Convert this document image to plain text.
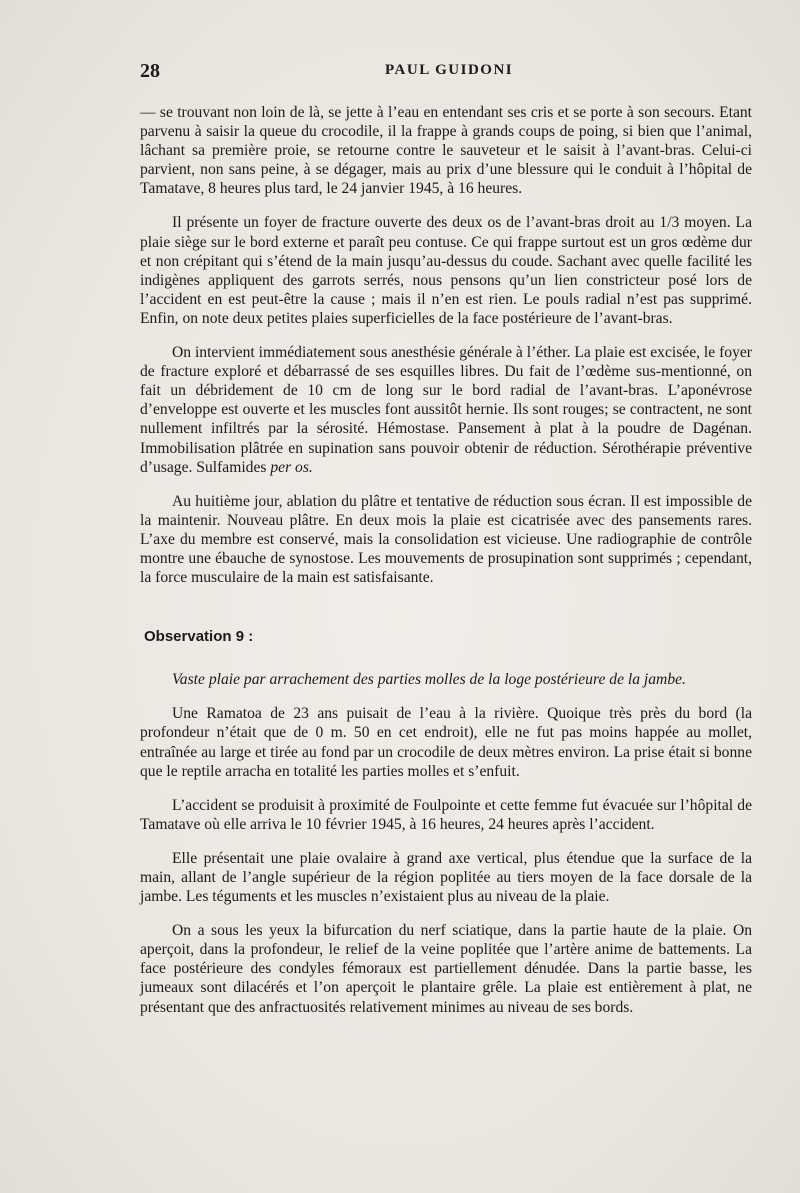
28	PAUL GUIDONI

— se trouvant non loin de là, se jette à l’eau en entendant ses cris et se porte à son secours. Etant parvenu à saisir la queue du crocodile, il la frappe à grands coups de poing, si bien que l’animal, lâchant sa première proie, se retourne contre le sauveteur et le saisit à l’avant-bras. Celui-ci parvient, non sans peine, à se dégager, mais au prix d’une blessure qui le conduit à l’hôpital de Tamatave, 8 heures plus tard, le 24 janvier 1945, à 16 heures.

Il présente un foyer de fracture ouverte des deux os de l’avant-bras droit au 1/3 moyen. La plaie siège sur le bord externe et paraît peu contuse. Ce qui frappe surtout est un gros œdème dur et non crépitant qui s’étend de la main jusqu’au-dessus du coude. Sachant avec quelle facilité les indigènes appliquent des garrots serrés, nous pensons qu’un lien constricteur posé lors de l’accident en est peut-être la cause ; mais il n’en est rien. Le pouls radial n’est pas supprimé. Enfin, on note deux petites plaies superficielles de la face postérieure de l’avant-bras.

On intervient immédiatement sous anesthésie générale à l’éther. La plaie est excisée, le foyer de fracture exploré et débarrassé de ses esquilles libres. Du fait de l’œdème sus-mentionné, on fait un débridement de 10 cm de long sur le bord radial de l’avant-bras. L’aponévrose d’enveloppe est ouverte et les muscles font aussitôt hernie. Ils sont rouges; se contractent, ne sont nullement infiltrés par la sérosité. Hémostase. Pansement à plat à la poudre de Dagénan. Immobilisation plâtrée en supination sans pouvoir obtenir de réduction. Sérothérapie préventive d’usage. Sulfamides per os.

Au huitième jour, ablation du plâtre et tentative de réduction sous écran. Il est impossible de la maintenir. Nouveau plâtre. En deux mois la plaie est cicatrisée avec des pansements rares. L’axe du membre est conservé, mais la consolidation est vicieuse. Une radiographie de contrôle montre une ébauche de synostose. Les mouvements de prosupination sont supprimés ; cependant, la force musculaire de la main est satisfaisante.

Observation 9 :

Vaste plaie par arrachement des parties molles de la loge postérieure de la jambe.

Une Ramatoa de 23 ans puisait de l’eau à la rivière. Quoique très près du bord (la profondeur n’était que de 0 m. 50 en cet endroit), elle ne fut pas moins happée au mollet, entraînée au large et tirée au fond par un crocodile de deux mètres environ. La prise était si bonne que le reptile arracha en totalité les parties molles et s’enfuit.

L’accident se produisit à proximité de Foulpointe et cette femme fut évacuée sur l’hôpital de Tamatave où elle arriva le 10 février 1945, à 16 heures, 24 heures après l’accident.

Elle présentait une plaie ovalaire à grand axe vertical, plus étendue que la surface de la main, allant de l’angle supérieur de la région poplitée au tiers moyen de la face dorsale de la jambe. Les téguments et les muscles n’existaient plus au niveau de la plaie.

On a sous les yeux la bifurcation du nerf sciatique, dans la partie haute de la plaie. On aperçoit, dans la profondeur, le relief de la veine poplitée que l’artère anime de battements. La face postérieure des condyles fémoraux est partiellement dénudée. Dans la partie basse, les jumeaux sont dilacérés et l’on aperçoit le plantaire grêle. La plaie est entièrement à plat, ne présentant que des anfractuosités relativement minimes au niveau de ses bords.
